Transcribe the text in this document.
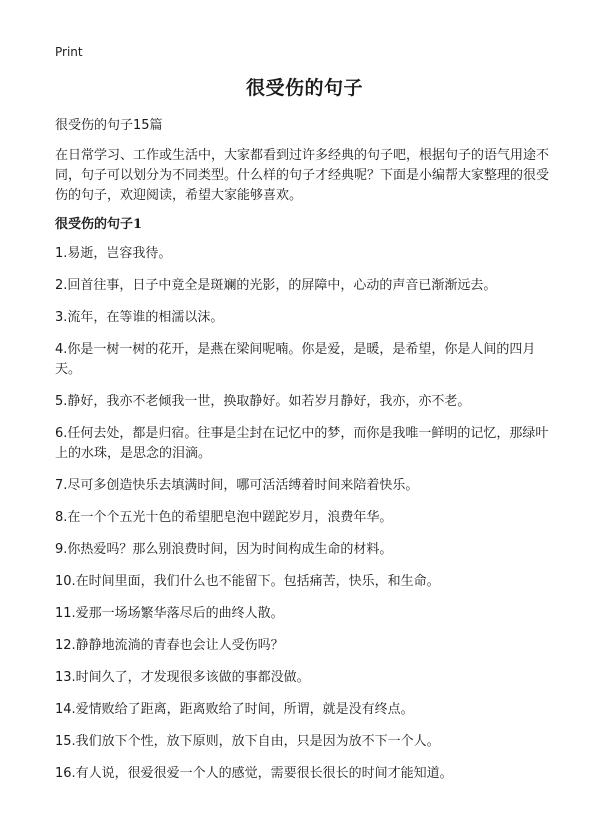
Print
很受伤的句子
很受伤的句子15篇
在日常学习、工作或生活中，大家都看到过许多经典的句子吧，根据句子的语气用途不同，句子可以划分为不同类型。什么样的句子才经典呢？下面是小编帮大家整理的很受伤的句子，欢迎阅读，希望大家能够喜欢。
很受伤的句子1
1.易逝，岂容我待。
2.回首往事，日子中竟全是斑斓的光影，的屏障中，心动的声音已渐渐远去。
3.流年，在等谁的相濡以沫。
4.你是一树一树的花开，是燕在梁间呢喃。你是爱，是暖，是希望，你是人间的四月天。
5.静好，我亦不老倾我一世，换取静好。如若岁月静好，我亦，亦不老。
6.任何去处，都是归宿。往事是尘封在记忆中的梦，而你是我唯一鲜明的记忆，那绿叶上的水珠，是思念的泪滴。
7.尽可多创造快乐去填满时间，哪可活活缚着时间来陪着快乐。
8.在一个个五光十色的希望肥皂泡中蹉跎岁月，浪费年华。
9.你热爱吗？那么别浪费时间，因为时间构成生命的材料。
10.在时间里面，我们什么也不能留下。包括痛苦，快乐，和生命。
11.爱那一场场繁华落尽后的曲终人散。
12.静静地流淌的青春也会让人受伤吗？
13.时间久了，才发现很多该做的事都没做。
14.爱情败给了距离，距离败给了时间，所谓，就是没有终点。
15.我们放下个性，放下原则，放下自由，只是因为放不下一个人。
16.有人说，很爱很爱一个人的感觉，需要很长很长的时间才能知道。
